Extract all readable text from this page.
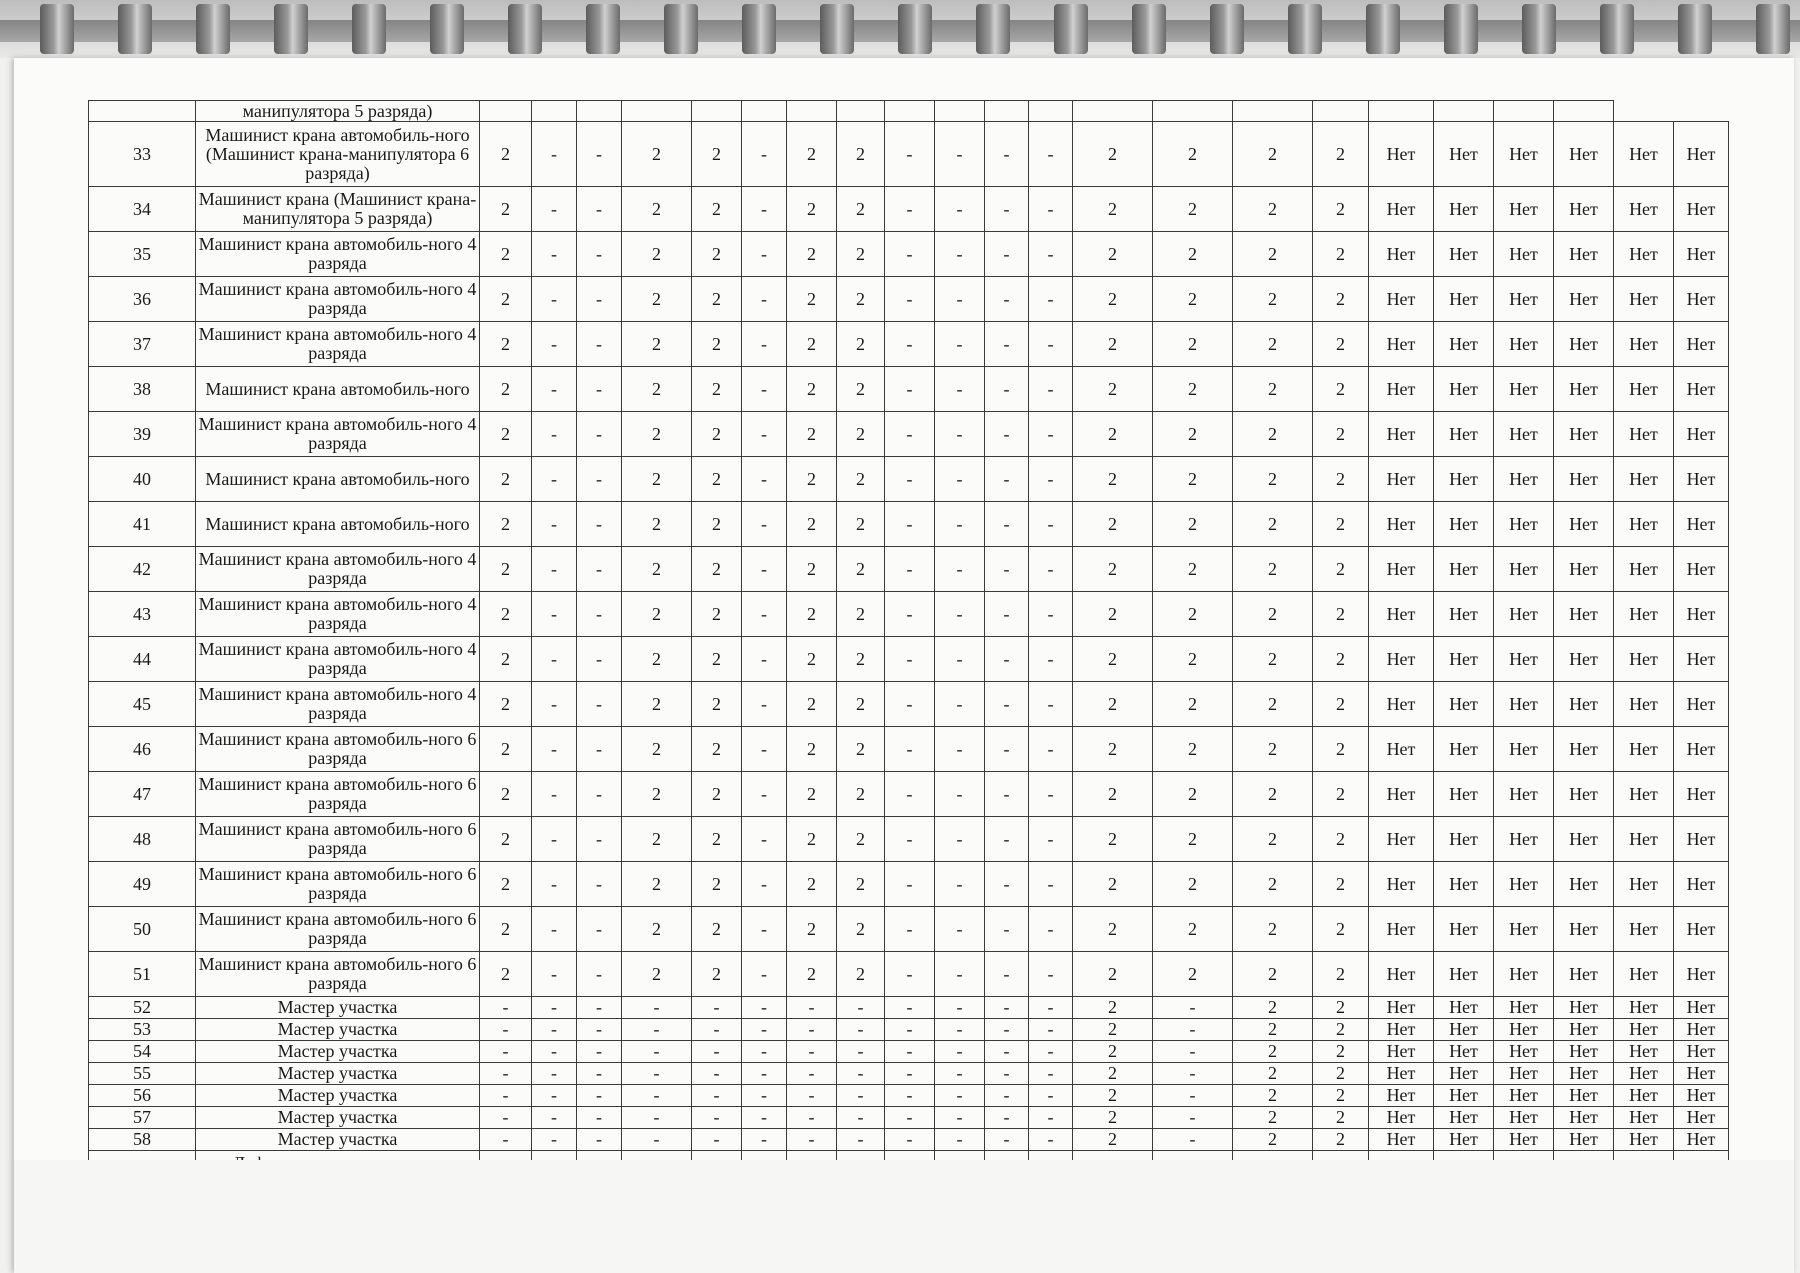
	манипулятора 5 разряда)																						
33	Машинист крана автомобиль-ного (Машинист крана-манипулятора 6 разряда)	2	-	-	2	2	-	2	2	-	-	-	-	2	2	2	2	Нет	Нет	Нет	Нет	Нет	Нет
34	Машинист крана (Машинист крана-манипулятора 5 разряда)	2	-	-	2	2	-	2	2	-	-	-	-	2	2	2	2	Нет	Нет	Нет	Нет	Нет	Нет
35	Машинист крана автомобиль-ного 4 разряда	2	-	-	2	2	-	2	2	-	-	-	-	2	2	2	2	Нет	Нет	Нет	Нет	Нет	Нет
36	Машинист крана автомобиль-ного 4 разряда	2	-	-	2	2	-	2	2	-	-	-	-	2	2	2	2	Нет	Нет	Нет	Нет	Нет	Нет
37	Машинист крана автомобиль-ного 4 разряда	2	-	-	2	2	-	2	2	-	-	-	-	2	2	2	2	Нет	Нет	Нет	Нет	Нет	Нет
38	Машинист крана автомобиль-ного	2	-	-	2	2	-	2	2	-	-	-	-	2	2	2	2	Нет	Нет	Нет	Нет	Нет	Нет
39	Машинист крана автомобиль-ного 4 разряда	2	-	-	2	2	-	2	2	-	-	-	-	2	2	2	2	Нет	Нет	Нет	Нет	Нет	Нет
40	Машинист крана автомобиль-ного	2	-	-	2	2	-	2	2	-	-	-	-	2	2	2	2	Нет	Нет	Нет	Нет	Нет	Нет
41	Машинист крана автомобиль-ного	2	-	-	2	2	-	2	2	-	-	-	-	2	2	2	2	Нет	Нет	Нет	Нет	Нет	Нет
42	Машинист крана автомобиль-ного 4 разряда	2	-	-	2	2	-	2	2	-	-	-	-	2	2	2	2	Нет	Нет	Нет	Нет	Нет	Нет
43	Машинист крана автомобиль-ного 4 разряда	2	-	-	2	2	-	2	2	-	-	-	-	2	2	2	2	Нет	Нет	Нет	Нет	Нет	Нет
44	Машинист крана автомобиль-ного 4 разряда	2	-	-	2	2	-	2	2	-	-	-	-	2	2	2	2	Нет	Нет	Нет	Нет	Нет	Нет
45	Машинист крана автомобиль-ного 4 разряда	2	-	-	2	2	-	2	2	-	-	-	-	2	2	2	2	Нет	Нет	Нет	Нет	Нет	Нет
46	Машинист крана автомобиль-ного 6 разряда	2	-	-	2	2	-	2	2	-	-	-	-	2	2	2	2	Нет	Нет	Нет	Нет	Нет	Нет
47	Машинист крана автомобиль-ного 6 разряда	2	-	-	2	2	-	2	2	-	-	-	-	2	2	2	2	Нет	Нет	Нет	Нет	Нет	Нет
48	Машинист крана автомобиль-ного 6 разряда	2	-	-	2	2	-	2	2	-	-	-	-	2	2	2	2	Нет	Нет	Нет	Нет	Нет	Нет
49	Машинист крана автомобиль-ного 6 разряда	2	-	-	2	2	-	2	2	-	-	-	-	2	2	2	2	Нет	Нет	Нет	Нет	Нет	Нет
50	Машинист крана автомобиль-ного 6 разряда	2	-	-	2	2	-	2	2	-	-	-	-	2	2	2	2	Нет	Нет	Нет	Нет	Нет	Нет
51	Машинист крана автомобиль-ного 6 разряда	2	-	-	2	2	-	2	2	-	-	-	-	2	2	2	2	Нет	Нет	Нет	Нет	Нет	Нет
52	Мастер участка	-	-	-	-	-	-	-	-	-	-	-	-	2	-	2	2	Нет	Нет	Нет	Нет	Нет	Нет
53	Мастер участка	-	-	-	-	-	-	-	-	-	-	-	-	2	-	2	2	Нет	Нет	Нет	Нет	Нет	Нет
54	Мастер участка	-	-	-	-	-	-	-	-	-	-	-	-	2	-	2	2	Нет	Нет	Нет	Нет	Нет	Нет
55	Мастер участка	-	-	-	-	-	-	-	-	-	-	-	-	2	-	2	2	Нет	Нет	Нет	Нет	Нет	Нет
56	Мастер участка	-	-	-	-	-	-	-	-	-	-	-	-	2	-	2	2	Нет	Нет	Нет	Нет	Нет	Нет
57	Мастер участка	-	-	-	-	-	-	-	-	-	-	-	-	2	-	2	2	Нет	Нет	Нет	Нет	Нет	Нет
58	Мастер участка	-	-	-	-	-	-	-	-	-	-	-	-	2	-	2	2	Нет	Нет	Нет	Нет	Нет	Нет
